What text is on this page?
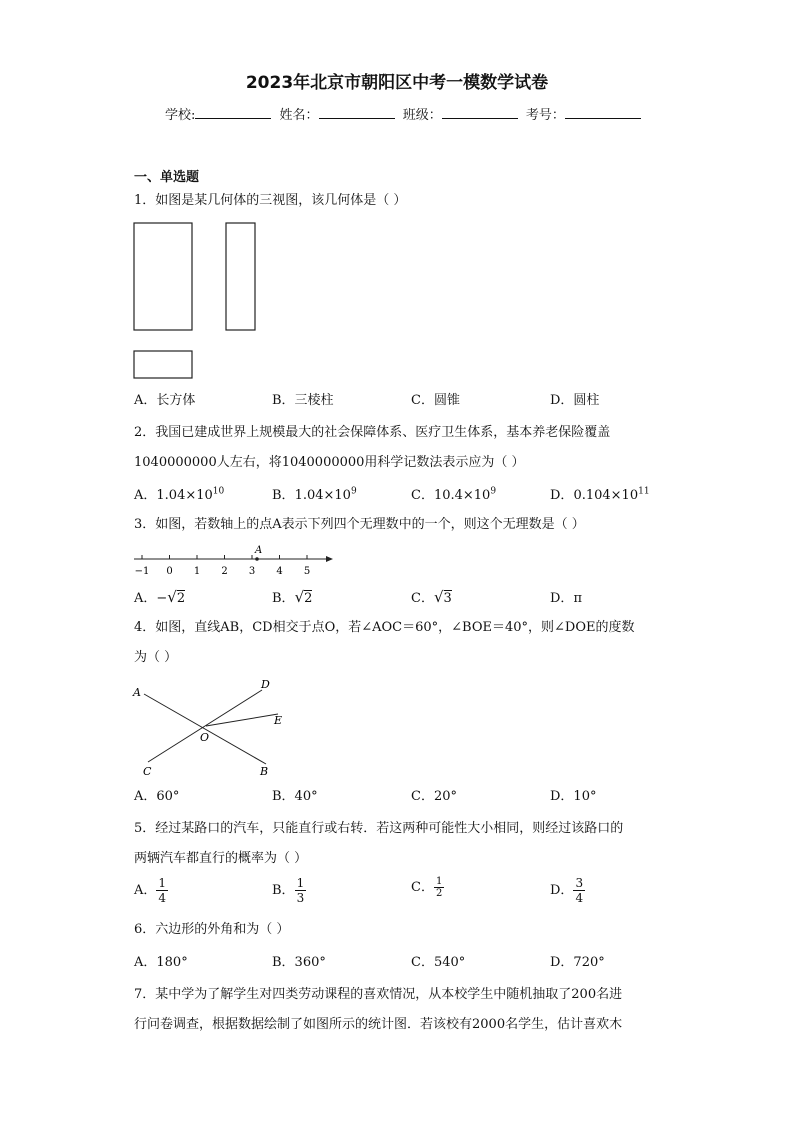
2023年北京市朝阳区中考一模数学试卷
学校:	姓名：	班级：	考号：
一、单选题
1．如图是某几何体的三视图，该几何体是（ ）
A．长方体	B．三棱柱	C．圆锥	D．圆柱
2．我国已建成世界上规模最大的社会保障体系、医疗卫生体系，基本养老保险覆盖
1040000000人左右，将1040000000用科学记数法表示应为（ ）
A．$1.04\times 10^{10}$	B．$1.04\times 10^9$	C．$10.4\times 10^9$	D．$0.104\times 10^{11}$
3．如图，若数轴上的点A表示下列四个无理数中的一个，则这个无理数是（ ）
−1 0 1 2 3 4 5
A
A．−√2	B．√2	C．√3	D．π
4．如图，直线AB，CD相交于点O，若∠AOC＝60°，∠BOE＝40°，则∠DOE的度数
为（ ）
A
B
C
D
E
O
A．60°	B．40°	C．20°	D．10°
5．经过某路口的汽车，只能直行或右转．若这两种可能性大小相同，则经过该路口的
两辆汽车都直行的概率为（ ）
A． $\frac{1}{4}$	B． $\frac{1}{3}$	C． $\frac{1}{2}$	D． $\frac{3}{4}$
6．六边形的外角和为（ ）
A．180°	B．360°	C．540°	D．720°
7．某中学为了解学生对四类劳动课程的喜欢情况，从本校学生中随机抽取了200名进
行问卷调查，根据数据绘制了如图所示的统计图．若该校有2000名学生，估计喜欢木
